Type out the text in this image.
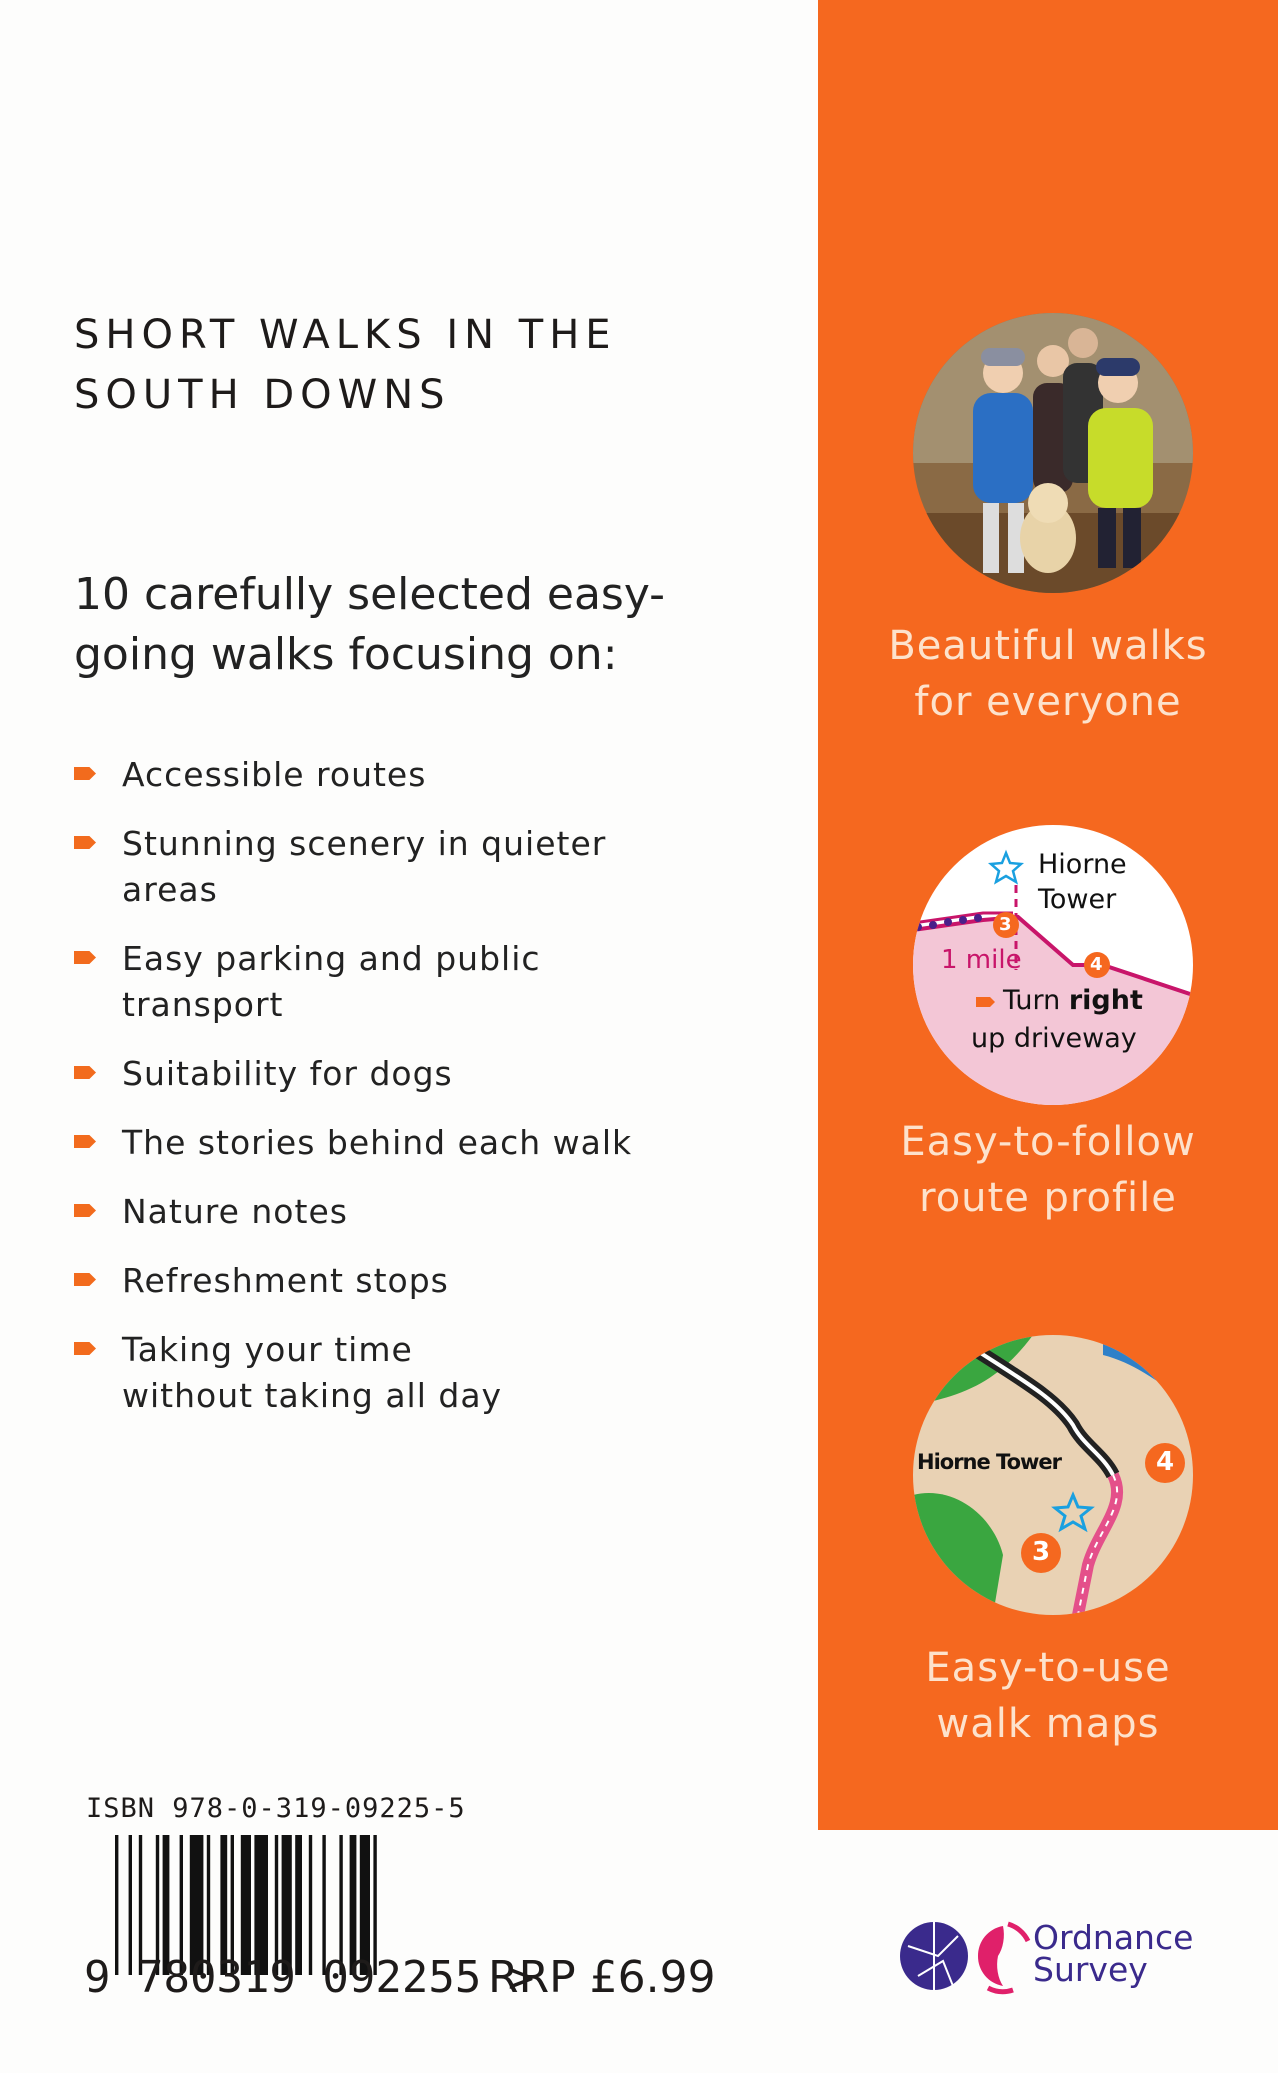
SHORT WALKS IN THE
SOUTH DOWNS

10 carefully selected easy-going walks focusing on:

Accessible routes
Stunning scenery in quieter areas
Easy parking and public transport
Suitability for dogs
The stories behind each walk
Nature notes
Refreshment stops
Taking your time without taking all day
Beautiful walks
for everyone
3
4
Hiorne
Tower
1 mile
Turn right
up driveway
Easy-to-follow
route profile
Hiorne Tower
3
4
Easy-to-use
walk maps
ISBN 978-0-319-09225-5
9 780319 092255 >
RRP £6.99
Ordnance
Survey
